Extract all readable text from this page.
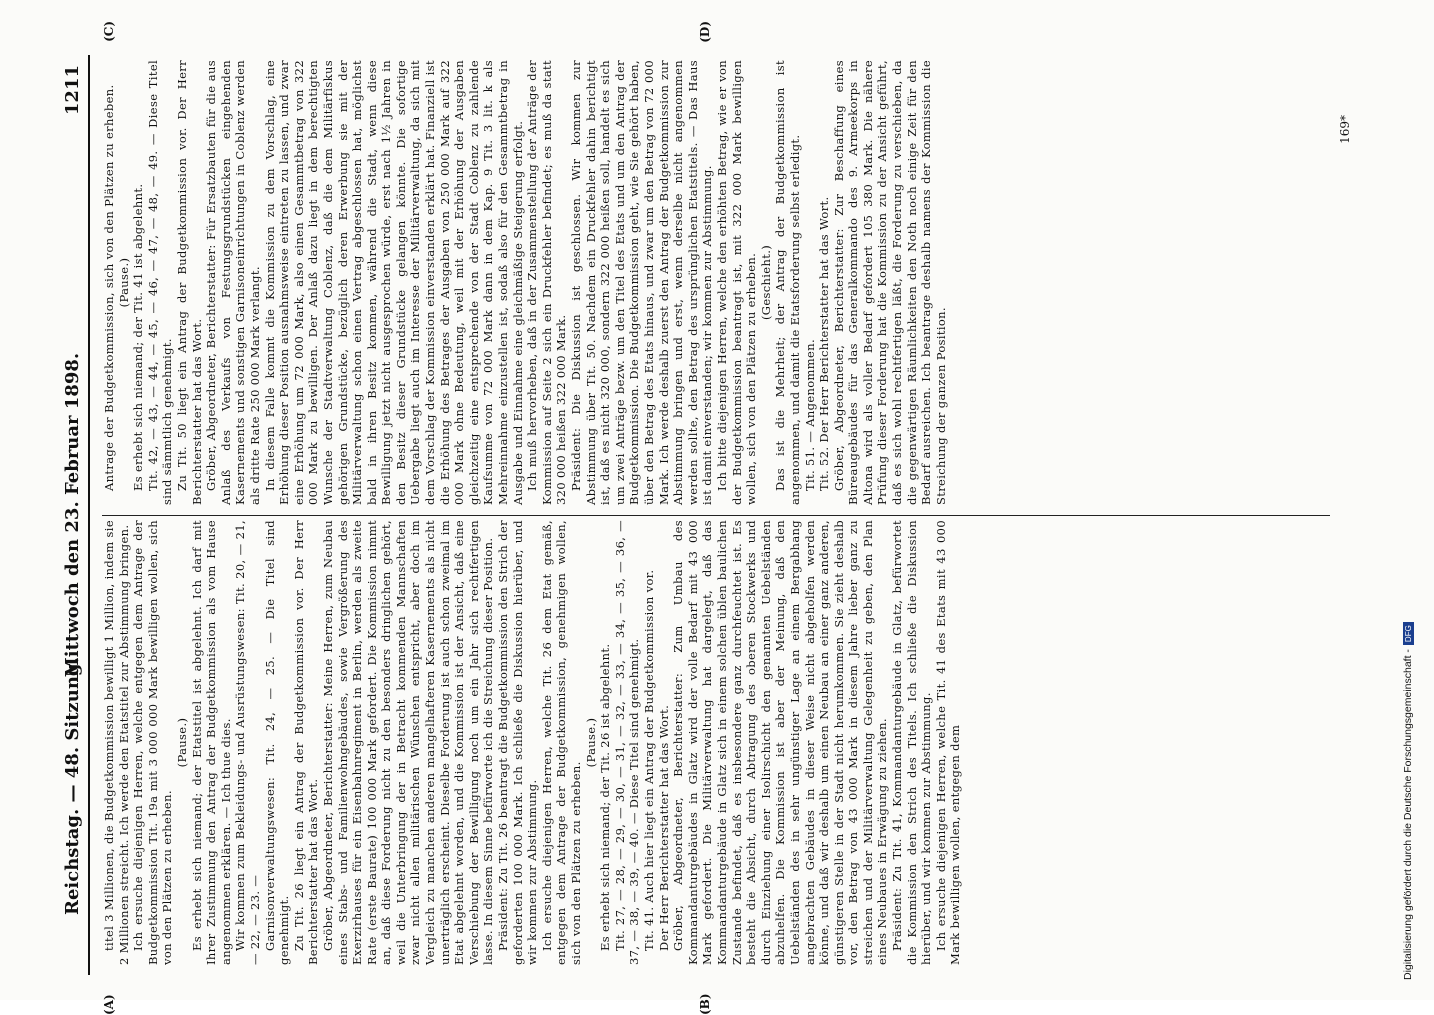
Reichstag. — 48. Sitzung.
Mittwoch den 23. Februar 1898.
1211
(A)	(B)
(C)	(D)

titel 3 Millionen, die Budgetkommission bewilligt 1 Million, indem sie 2 Millionen streicht. Ich werde den Etatstitel zur Abstimmung bringen. Ich ersuche diejenigen Herren, welche entgegen dem Antrage der Budgetkommission Tit. 19a mit 3 000 000 Mark bewilligen wollen, sich von den Plätzen zu erheben.

(Pause.) Es erhebt sich niemand; der Etatstitel ist abgelehnt. Ich darf mit Ihrer Zustimmung den Antrag der Budgetkommission als vom Hause angenommen erklären. — Ich thue dies. Wir kommen zum Bekleidungs- und Ausrüstungswesen: Tit. 20, — 21, — 22, — 23. — Garnisonverwaltungswesen: Tit. 24, — 25. — Die Titel sind genehmigt. Zu Tit. 26 liegt ein Antrag der Budgetkommission vor. Der Herr Berichterstatter hat das Wort. Gröber, Abgeordneter, Berichterstatter: Meine Herren, zum Neubau eines Stabs- und Familienwohngebäudes, sowie Vergrößerung des Exerzirhauses für ein Eisenbahnregiment in Berlin, werden als zweite Rate (erste Baurate) 100 000 Mark gefordert. Die Kommission nimmt an, daß diese Forderung nicht zu den besonders dringlichen gehört, weil die Unterbringung der in Betracht kommenden Mannschaften zwar nicht allen militärischen Wünschen entspricht, aber doch im Vergleich zu manchen anderen mangelhafteren Kasernements als nicht unerträglich erscheint. Dieselbe Forderung ist auch schon zweimal im Etat abgelehnt worden, und die Kommission ist der Ansicht, daß eine Verschiebung der Bewilligung noch um ein Jahr sich rechtfertigen lasse. In diesem Sinne befürworte ich die Streichung dieser Position. Präsident: Zu Tit. 26 beantragt die Budgetkommission den Strich der geforderten 100 000 Mark. Ich schließe die Diskussion hierüber, und wir kommen zur Abstimmung. Ich ersuche diejenigen Herren, welche Tit. 26 dem Etat gemäß, entgegen dem Antrage der Budgetkommission, genehmigen wollen, sich von den Plätzen zu erheben.

(Pause.) Es erhebt sich niemand; der Tit. 26 ist abgelehnt. Tit. 27, — 28, — 29, — 30, — 31, — 32, — 33, — 34, — 35, — 36, — 37, — 38, — 39, — 40. — Diese Titel sind genehmigt. Tit. 41. Auch hier liegt ein Antrag der Budgetkommission vor. Der Herr Berichterstatter hat das Wort. Gröber, Abgeordneter, Berichterstatter: Zum Umbau des Kommandanturgebäudes in Glatz wird der volle Bedarf mit 43 000 Mark gefordert. Die Militärverwaltung hat dargelegt, daß das Kommandanturgebäude in Glatz sich in einem solchen üblen baulichen Zustande befindet, daß es insbesondere ganz durchfeuchtet ist. Es besteht die Absicht, durch Abtragung des oberen Stockwerks und durch Einziehung einer Isolirschicht den genannten Uebelständen abzuhelfen. Die Kommission ist aber der Meinung, daß den Uebelständen des in sehr ungünstiger Lage an einem Bergabhang angebrachten Gebäudes in dieser Weise nicht abgeholfen werden könne, und daß wir deshalb um einen Neubau an einer ganz anderen, günstigeren Stelle in der Stadt nicht herumkommen. Sie zieht deshalb vor, den Betrag von 43 000 Mark in diesem Jahre lieber ganz zu streichen und der Militärverwaltung Gelegenheit zu geben, den Plan eines Neubaues in Erwägung zu ziehen. Präsident: Zu Tit. 41, Kommandanturgebäude in Glatz, befürwortet die Kommission den Strich des Titels. Ich schließe die Diskussion hierüber, und wir kommen zur Abstimmung. Ich ersuche diejenigen Herren, welche Tit. 41 des Etats mit 43 000 Mark bewilligen wollen, entgegen dem

Antrage der Budgetkommission, sich von den Plätzen zu erheben. (Pause.) Es erhebt sich niemand; der Tit. 41 ist abgelehnt. Tit. 42, — 43, — 44, — 45, — 46, — 47, — 48, — 49. — Diese Titel sind sämmtlich genehmigt. Zu Tit. 50 liegt ein Antrag der Budgetkommission vor. Der Herr Berichterstatter hat das Wort. Gröber, Abgeordneter, Berichterstatter: Für Ersatzbauten für die aus Anlaß des Verkaufs von Festungsgrundstücken eingehenden Kasernements und sonstigen Garnisoneinrichtungen in Coblenz werden als dritte Rate 250 000 Mark verlangt. In diesem Falle kommt die Kommission zu dem Vorschlag, eine Erhöhung dieser Position ausnahmsweise eintreten zu lassen, und zwar eine Erhöhung um 72 000 Mark, also einen Gesammtbetrag von 322 000 Mark zu bewilligen. Der Anlaß dazu liegt in dem berechtigten Wunsche der Stadtverwaltung Coblenz, daß die dem Militärfiskus gehörigen Grundstücke, bezüglich deren Erwerbung sie mit der Militärverwaltung schon einen Vertrag abgeschlossen hat, möglichst bald in ihren Besitz kommen, während die Stadt, wenn diese Bewilligung jetzt nicht ausgesprochen würde, erst nach 1½ Jahren in den Besitz dieser Grundstücke gelangen könnte. Die sofortige Uebergabe liegt auch im Interesse der Militärverwaltung, da sich mit dem Vorschlag der Kommission einverstanden erklärt hat. Finanziell ist die Erhöhung des Betrages der Ausgaben von 250 000 Mark auf 322 000 Mark ohne Bedeutung, weil mit der Erhöhung der Ausgaben gleichzeitig eine entsprechende von der Stadt Coblenz zu zahlende Kaufsumme von 72 000 Mark dann in dem Kap. 9 Tit. 3 lit. k als Mehreinnahme einzustellen ist, sodaß also für den Gesammtbetrag in Ausgabe und Einnahme eine gleichmäßige Steigerung erfolgt. Ich muß hervorheben, daß in der Zusammenstellung der Anträge der Kommission auf Seite 2 sich ein Druckfehler befindet; es muß da statt 320 000 heißen 322 000 Mark. Präsident: Die Diskussion ist geschlossen. Wir kommen zur Abstimmung über Tit. 50. Nachdem ein Druckfehler dahin berichtigt ist, daß es nicht 320 000, sondern 322 000 heißen soll, handelt es sich um zwei Anträge bezw. um den Titel des Etats und um den Antrag der Budgetkommission. Die Budgetkommission geht, wie Sie gehört haben, über den Betrag des Etats hinaus, und zwar um den Betrag von 72 000 Mark. Ich werde deshalb zuerst den Antrag der Budgetkommission zur Abstimmung bringen und erst, wenn derselbe nicht angenommen werden sollte, den Betrag des ursprünglichen Etatstitels. — Das Haus ist damit einverstanden; wir kommen zur Abstimmung. Ich bitte diejenigen Herren, welche den erhöhten Betrag, wie er von der Budgetkommission beantragt ist, mit 322 000 Mark bewilligen wollen, sich von den Plätzen zu erheben. (Geschieht.) Das ist die Mehrheit; der Antrag der Budgetkommission ist angenommen, und damit die Etatsforderung selbst erledigt. Tit. 51. — Angenommen. Tit. 52. Der Herr Berichterstatter hat das Wort. Gröber, Abgeordneter, Berichterstatter: Zur Beschaffung eines Büreaugebäudes für das Generalkommando des 9. Armeekorps in Altona wird als voller Bedarf gefordert 105 380 Mark. Die nähere Prüfung dieser Forderung hat die Kommission zu der Ansicht geführt, daß es sich wohl rechtfertigen läßt, die Forderung zu verschieben, da die gegenwärtigen Räumlichkeiten den Noth noch einige Zeit für den Bedarf ausreichen. Ich beantrage deshalb namens der Kommission die Streichung der ganzen Position.

169*
Digitalisierung gefördert durch die Deutsche Forschungsgemeinschaft -DFG
